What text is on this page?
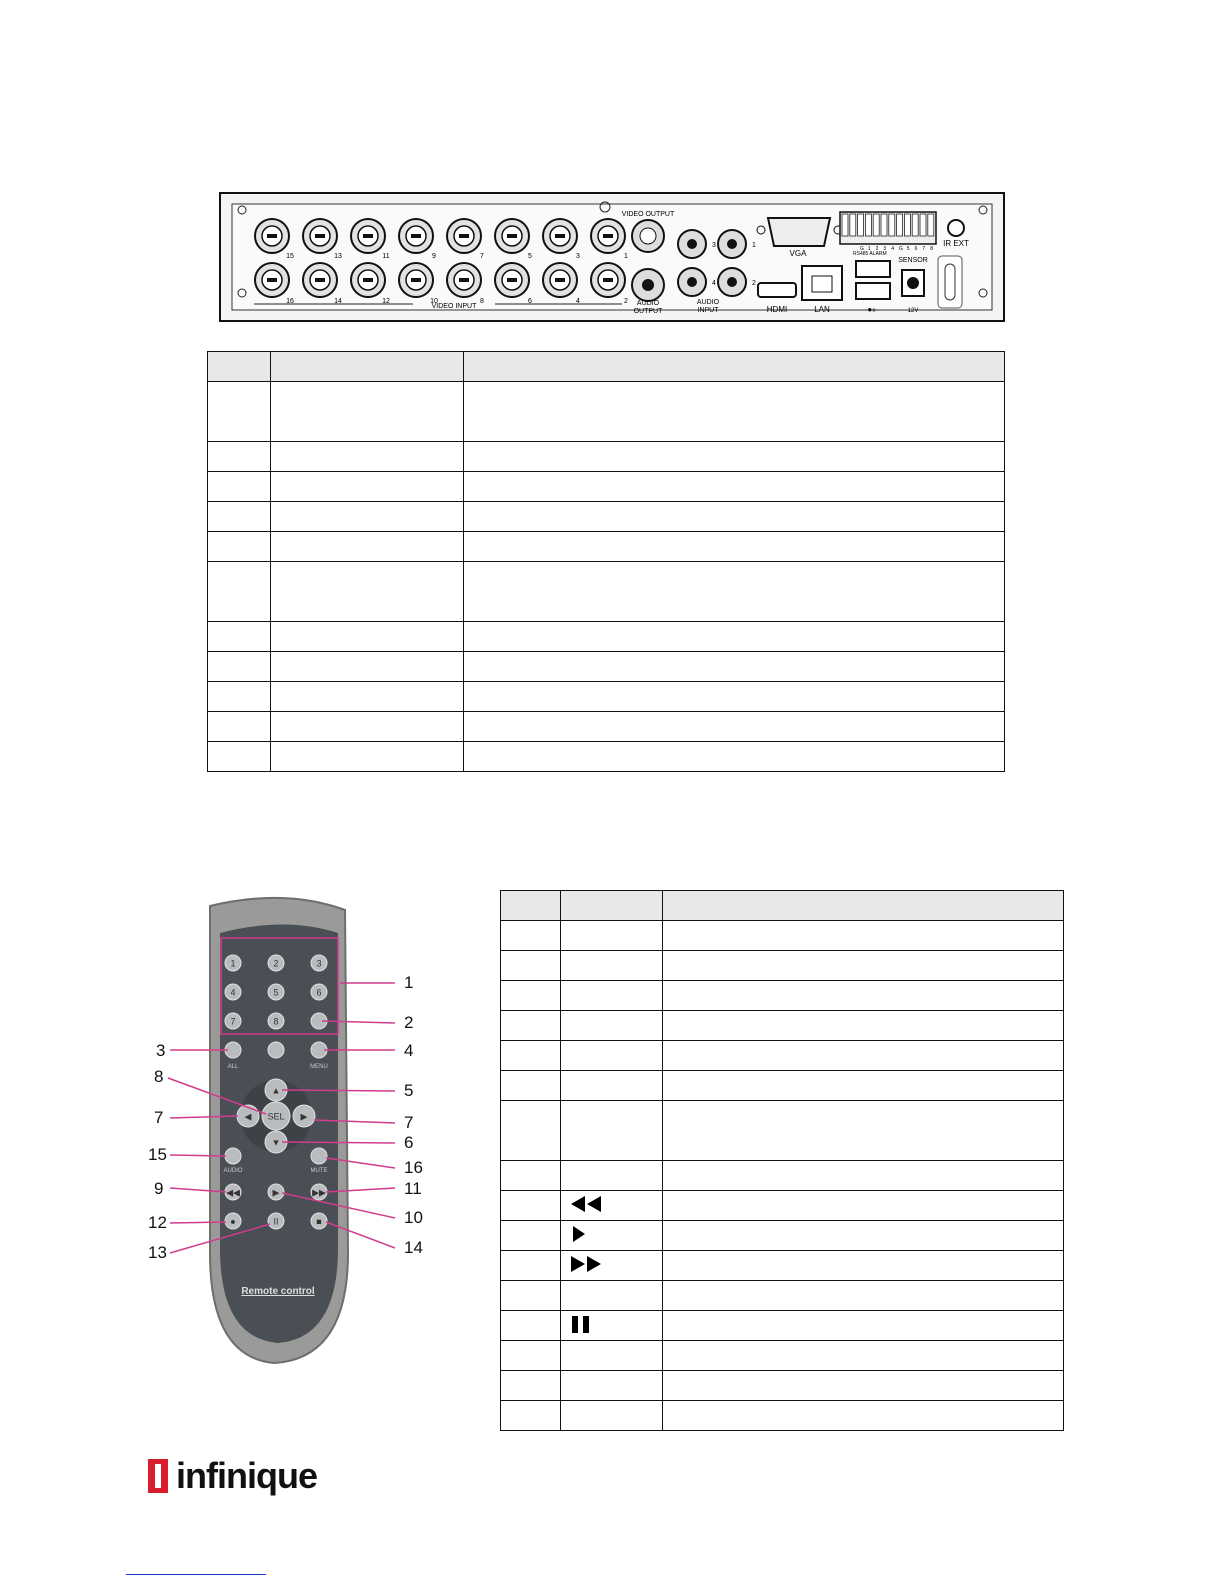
15
16
13
14
11
12
9
10
7
8
5
6
3
4
1
2
VIDEO INPUT
VIDEO OUTPUT
AUDIO
OUTPUT
3	1
4	2
AUDIO
INPUT
VGA
HDMI	LAN	●⟜
G 1 2 3 4 G 5 6 7 8
RS485 ALARM
SENSOR
IR EXT
12V

1	2	3
4	5	6
7	8
ALL	MENU
▲
▼
◀	▶
SEL
AUDIO	MUTE
◀◀	▶	▶▶
●	II	■
Remote control
1
2
3	4
5
6
7	7
8
9
10
11
12
13	14
15
16

infinique
